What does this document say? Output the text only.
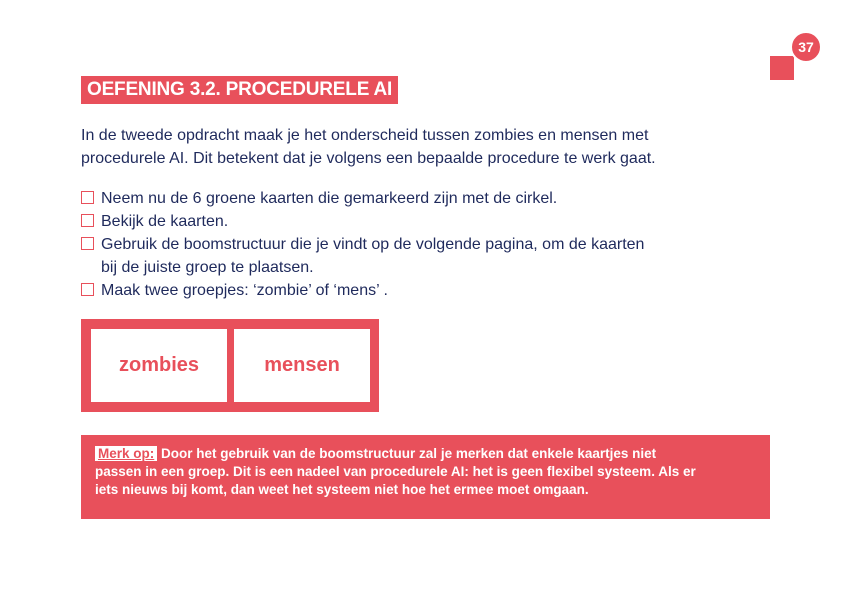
37
OEFENING 3.2. PROCEDURELE AI

In de tweede opdracht maak je het onderscheid tussen zombies en mensen met
procedurele AI. Dit betekent dat je volgens een bepaalde procedure te werk gaat.

Neem nu de 6 groene kaarten die gemarkeerd zijn met de cirkel.
Bekijk de kaarten.
Gebruik de boomstructuur die je vindt op de volgende pagina, om de kaarten
bij de juiste groep te plaatsen.
Maak twee groepjes: ‘zombie’ of ‘mens’ .
zombies	mensen
Merk op: Door het gebruik van de boomstructuur zal je merken dat enkele kaartjes niet
passen in een groep. Dit is een nadeel van procedurele AI: het is geen flexibel systeem. Als er
iets nieuws bij komt, dan weet het systeem niet hoe het ermee moet omgaan.
